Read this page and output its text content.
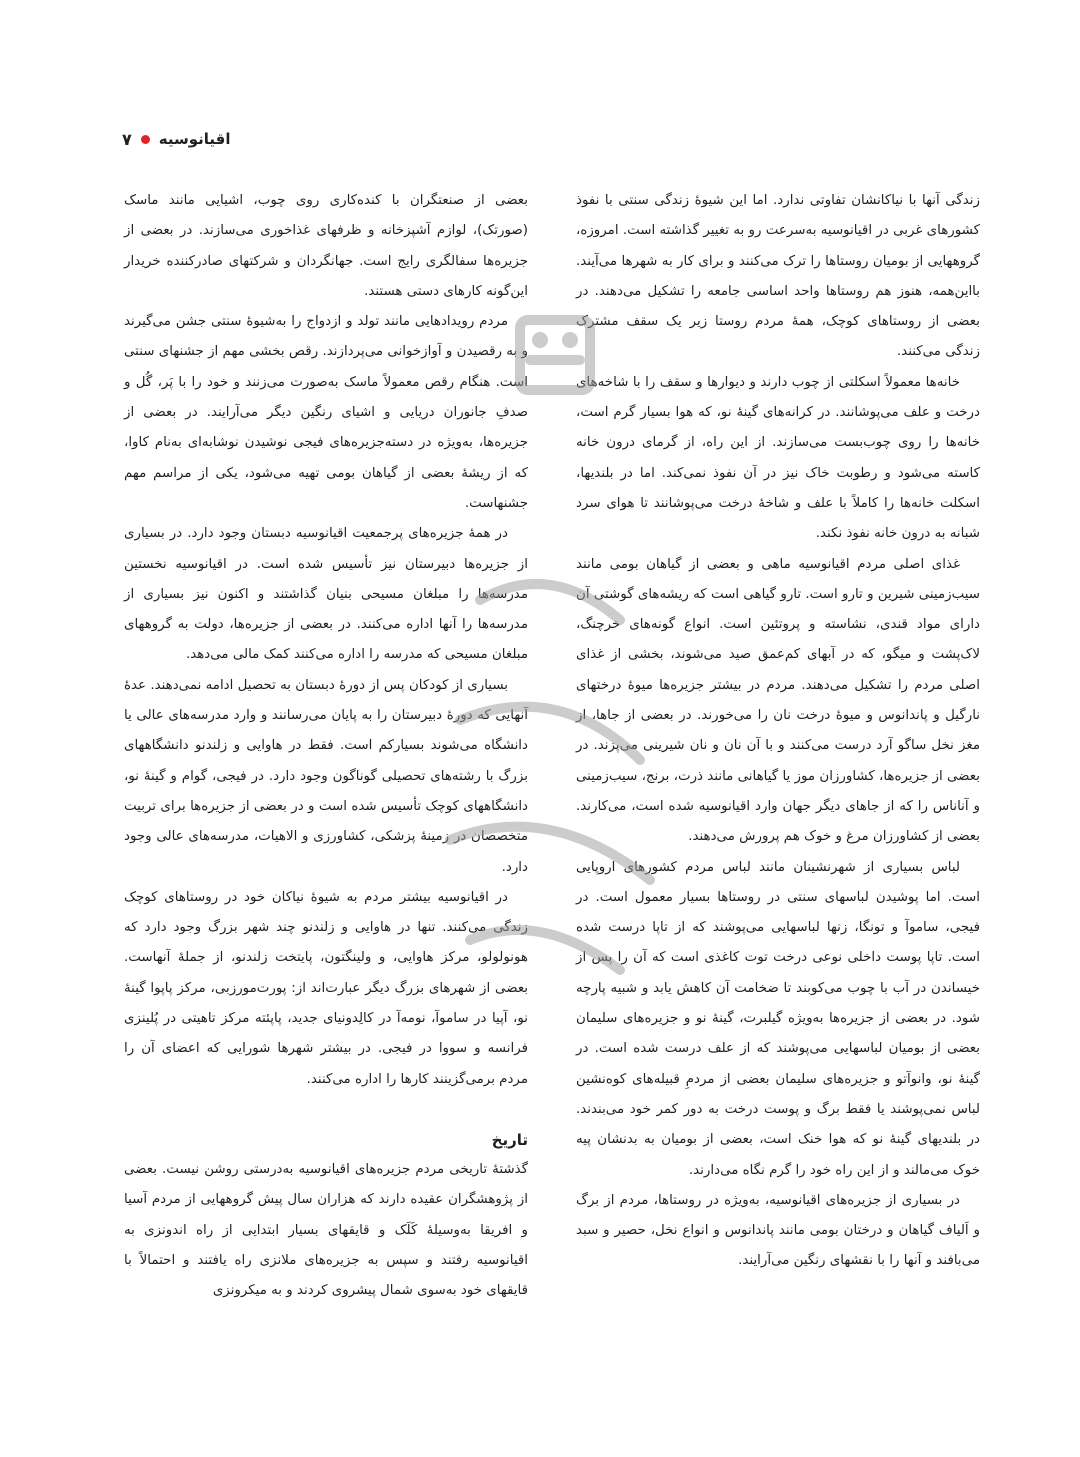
۷ اقیانوسیه

زندگی آنها با نیاکانشان تفاوتی ندارد. اما این شیوهٔ زندگی سنتی با نفوذ کشورهای غربی در اقیانوسیه به‌سرعت رو به تغییر گذاشته است. امروزه، گروههایی از بومیان روستاها را ترک می‌کنند و برای کار به شهرها می‌آیند. بااین‌همه، هنوز هم روستاها واحد اساسی جامعه را تشکیل می‌دهند. در بعضی از روستاهای کوچک، همهٔ مردم روستا زیر یک سقف مشترک زندگی می‌کنند.

خانه‌ها معمولاً اسکلتی از چوب دارند و دیوارها و سقف را با شاخه‌های درخت و علف می‌پوشانند. در کرانه‌های گینهٔ نو، که هوا بسیار گرم است، خانه‌ها را روی چوب‌بست می‌سازند. از این راه، از گرمای درون خانه کاسته می‌شود و رطوبت خاک نیز در آن نفوذ نمی‌کند. اما در بلندیها، اسکلت خانه‌ها را کاملاً با علف و شاخهٔ درخت می‌پوشانند تا هوای سرد شبانه به درون خانه نفوذ نکند.

غذای اصلی مردم اقیانوسیه ماهی و بعضی از گیاهان بومی مانند سیب‌زمینی شیرین و تارو است. تارو گیاهی است که ریشه‌های گوشتی آن دارای مواد قندی، نشاسته و پروتئین است. انواع گونه‌های خرچنگ، لاک‌پشت و میگو، که در آبهای کم‌عمق صید می‌شوند، بخشی از غذای اصلی مردم را تشکیل می‌دهند. مردم در بیشتر جزیره‌ها میوهٔ درختهای نارگیل و پاندانوس و میوهٔ درخت نان را می‌خورند. در بعضی از جاها، از مغز نخل ساگو آرد درست می‌کنند و با آن نان و نان شیرینی می‌پزند. در بعضی از جزیره‌ها، کشاورزان موز یا گیاهانی مانند ذرت، برنج، سیب‌زمینی و آناناس را که از جاهای دیگر جهان وارد اقیانوسیه شده است، می‌کارند. بعضی از کشاورزان مرغ و خوک هم پرورش می‌دهند.

لباس بسیاری از شهرنشینان مانند لباس مردم کشورهای اروپایی است. اما پوشیدن لباسهای سنتی در روستاها بسیار معمول است. در فیجی، ساموآ و تونگا، زنها لباسهایی می‌پوشند که از تاپا درست شده است. تاپا پوست داخلی نوعی درخت توت کاغذی است که آن را پس از خیساندن در آب با چوب می‌کوبند تا ضخامت آن کاهش یابد و شبیه پارچه شود. در بعضی از جزیره‌ها به‌ویژه گیلبرت، گینهٔ نو و جزیره‌های سلیمان بعضی از بومیان لباسهایی می‌پوشند که از علف درست شده است. در گینهٔ نو، وانوآتو و جزیره‌های سلیمان بعضی از مردمِ قبیله‌های کوه‌نشین لباس نمی‌پوشند یا فقط برگ و پوست درخت به دور کمر خود می‌بندند. در بلندیهای گینهٔ نو که هوا خنک است، بعضی از بومیان به بدنشان پیه خوک می‌مالند و از این راه خود را گرم نگاه می‌دارند.

در بسیاری از جزیره‌های اقیانوسیه، به‌ویژه در روستاها، مردم از برگ و اَلیاف گیاهان و درختان بومی مانند پاندانوس و انواع نخل، حصیر و سبد می‌بافند و آنها را با نقشهای رنگین می‌آرایند.

بعضی از صنعتگران با کنده‌کاری روی چوب، اشیایی مانند ماسک (صورتک)، لوازم آشپزخانه و ظرفهای غذاخوری می‌سازند. در بعضی از جزیره‌ها سفالگری رایج است. جهانگردان و شرکتهای صادرکننده خریدار این‌گونه کارهای دستی هستند.

مردم رویدادهایی مانند تولد و ازدواج را به‌شیوهٔ سنتی جشن می‌گیرند و به رقصیدن و آوازخوانی می‌پردازند. رقص بخشی مهم از جشنهای سنتی است. هنگام رقص معمولاً ماسک به‌صورت می‌زنند و خود را با پَر، گُل و صدفِ جانوران دریایی و اشیای رنگین دیگر می‌آرایند. در بعضی از جزیره‌ها، به‌ویژه در دسته‌جزیره‌های فیجی نوشیدن نوشابه‌ای به‌نام کاوا، که از ریشهٔ بعضی از گیاهان بومی تهیه می‌شود، یکی از مراسم مهم جشنهاست.

در همهٔ جزیره‌های پرجمعیت اقیانوسیه دبستان وجود دارد. در بسیاری از جزیره‌ها دبیرستان نیز تأسیس شده است. در اقیانوسیه نخستین مدرسه‌ها را مبلغان مسیحی بنیان گذاشتند و اکنون نیز بسیاری از مدرسه‌ها را آنها اداره می‌کنند. در بعضی از جزیره‌ها، دولت به گروههای مبلغان مسیحی که مدرسه را اداره می‌کنند کمک مالی می‌دهد.

بسیاری از کودکان پس از دورهٔ دبستان به تحصیل ادامه نمی‌دهند. عدهٔ آنهایی که دورهٔ دبیرستان را به پایان می‌رسانند و وارد مدرسه‌های عالی یا دانشگاه می‌شوند بسیارکم است. فقط در هاوایی و زلندنو دانشگاههای بزرگ با رشته‌های تحصیلی گوناگون وجود دارد. در فیجی، گوام و گینهٔ نو، دانشگاههای کوچک تأسیس شده است و در بعضی از جزیره‌ها برای تربیت متخصصان در زمینهٔ پزشکی، کشاورزی و الاهیات، مدرسه‌های عالی وجود دارد.

در اقیانوسیه بیشتر مردم به شیوهٔ نیاکان خود در روستاهای کوچک زندگی می‌کنند. تنها در هاوایی و زلندنو چند شهر بزرگ وجود دارد که هونولولو، مرکز هاوایی، و ولینگتون، پایتخت زلندنو، از جملهٔ آنهاست. بعضی از شهرهای بزرگ دیگر عبارت‌اند از: پورت‌مورزبی، مرکز پاپوا گینهٔ نو، آپیا در ساموآ، نومه‌آ در کالِدونیای جدید، پاپئته مرکز تاهیتی در پُلینزی فرانسه و سووا در فیجی. در بیشتر شهرها شورایی که اعضای آن را مردم برمی‌گزینند کارها را اداره می‌کنند.

تاریخ

گذشتهٔ تاریخی مردم جزیره‌های اقیانوسیه به‌درستی روشن نیست. بعضی از پژوهشگران عقیده دارند که هزاران سال پیش گروههایی از مردم آسیا و افریقا به‌وسیلهٔ کَلَک و قایقهای بسیار ابتدایی از راه اندونزی به اقیانوسیه رفتند و سپس به جزیره‌های ملانزی راه یافتند و احتمالاً با قایقهای خود به‌سوی شمال پیشروی کردند و به میکرونزی
